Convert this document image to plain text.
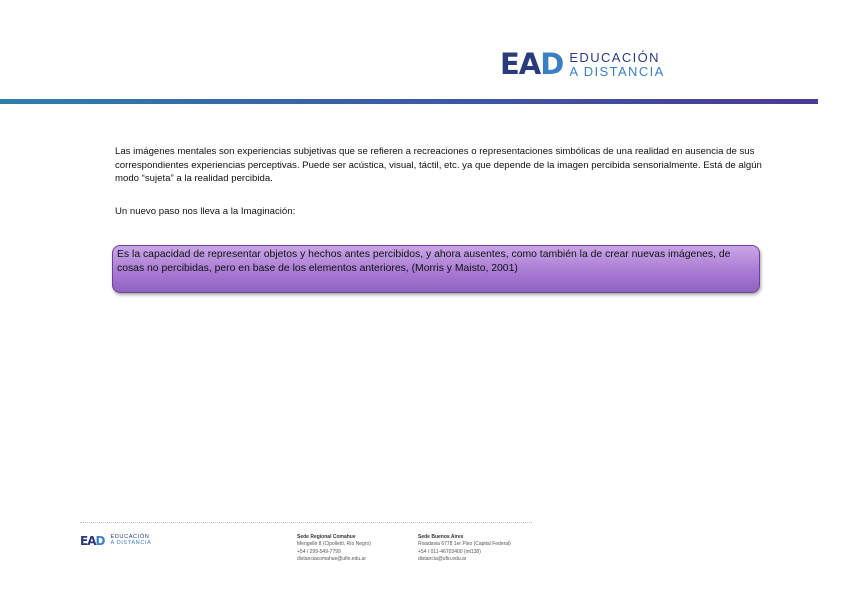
EAD EDUCACIÓN
A DISTANCIA

Las imágenes mentales son experiencias subjetivas que se refieren a recreaciones o representaciones simbólicas de una realidad en ausencia de sus correspondientes experiencias perceptivas. Puede ser acústica, visual, táctil, etc. ya que depende de la imagen percibida sensorialmente. Está de algún modo “sujeta” a la realidad percibida.

Un nuevo paso nos lleva a la Imaginación:

Es la capacidad de representar objetos y hechos antes percibidos, y ahora ausentes, como también la de crear nuevas imágenes, de cosas no percibidas, pero en base de los elementos anteriores, (Morris y Maisto, 2001)
EAD EDUCACIÓN
A DISTANCIA
Sede Regional Comahue
Mengelle 8 (Cipolletti, Río Negro)
+54 / 299-549-7799
distanciacomahue@ufio.edu.ar
Sede Buenos Aires
Rivadavia 6778 1er Piso (Capital Federal)
+54 / 011-46703400 (int138)
distancia@ufio.edu.ar
